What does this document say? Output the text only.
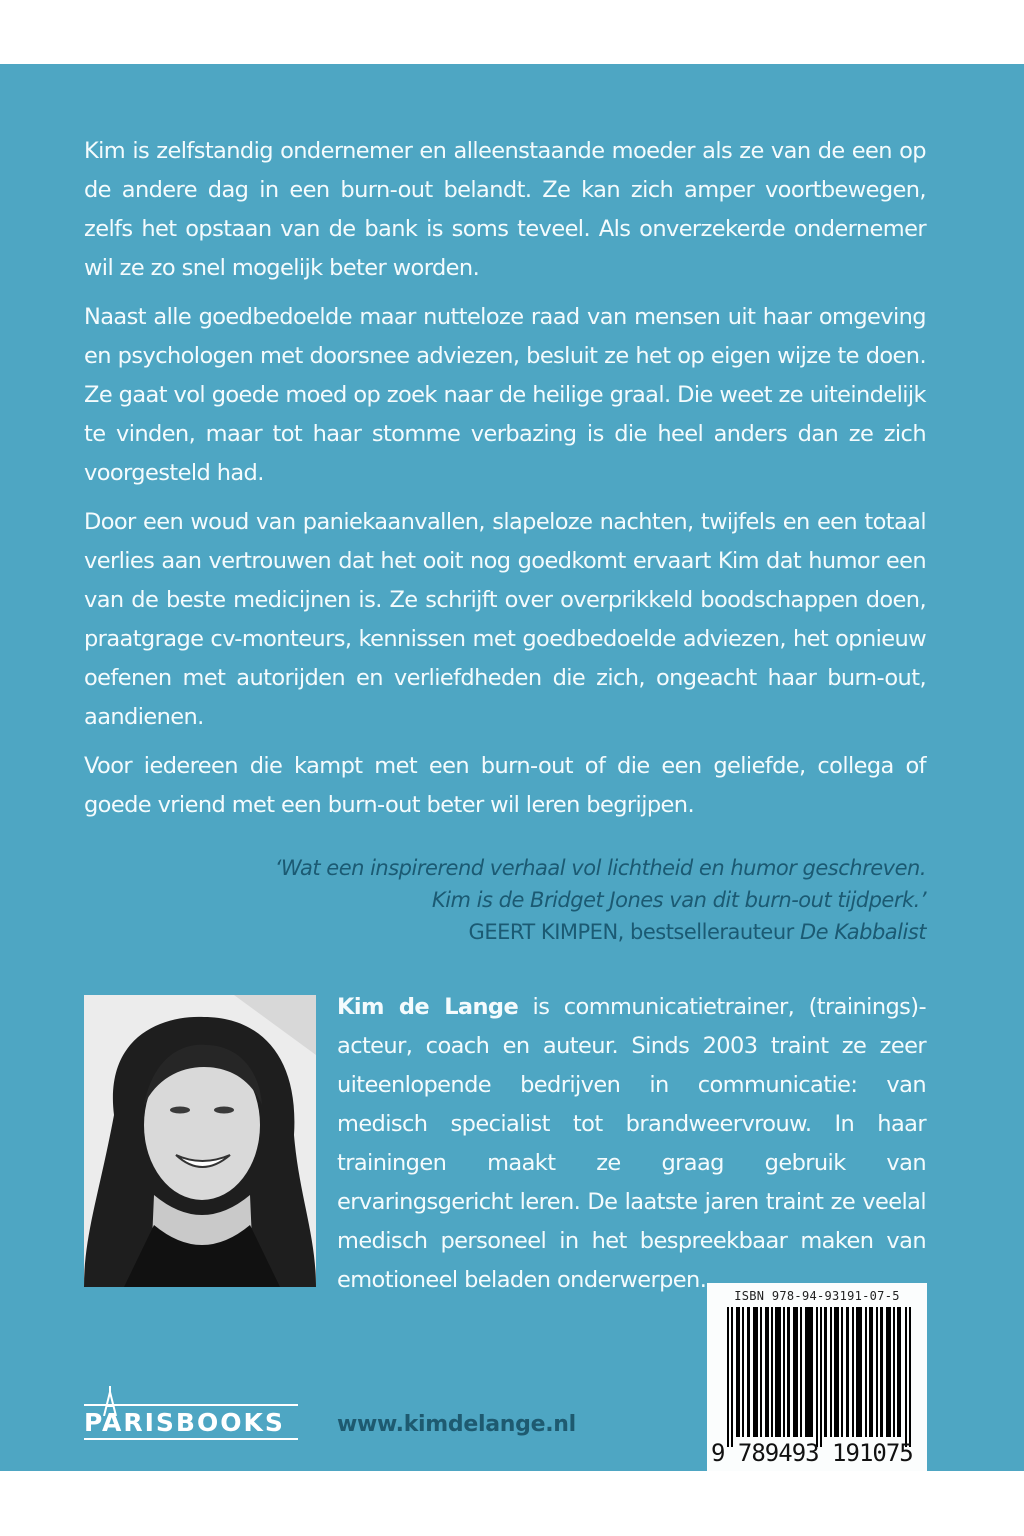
Kim is zelfstandig ondernemer en alleenstaande moeder als ze van de een op de andere dag in een burn-out belandt. Ze kan zich amper voortbewegen, zelfs het opstaan van de bank is soms teveel. Als onverzekerde ondernemer wil ze zo snel mogelijk beter worden.

Naast alle goedbedoelde maar nutteloze raad van mensen uit haar omgeving en psychologen met doorsnee adviezen, besluit ze het op eigen wijze te doen. Ze gaat vol goede moed op zoek naar de heilige graal. Die weet ze uiteindelijk te vinden, maar tot haar stomme verbazing is die heel anders dan ze zich voorgesteld had.

Door een woud van paniekaanvallen, slapeloze nachten, twijfels en een totaal verlies aan vertrouwen dat het ooit nog goedkomt ervaart Kim dat humor een van de beste medicijnen is. Ze schrijft over overprikkeld boodschappen doen, praatgrage cv-monteurs, kennissen met goedbedoelde adviezen, het opnieuw oefenen met autorijden en verliefdheden die zich, ongeacht haar burn-out, aandienen.

Voor iedereen die kampt met een burn-out of die een geliefde, collega of goede vriend met een burn-out beter wil leren begrijpen.

‘Wat een inspirerend verhaal vol lichtheid en humor geschreven.
Kim is de Bridget Jones van dit burn-out tijdperk.’
GEERT KIMPEN, bestsellerauteur De Kabbalist
Kim de Lange is communicatietrainer, (trainings)-acteur, coach en auteur. Sinds 2003 traint ze zeer uiteenlopende bedrijven in communicatie: van medisch specialist tot brandweervrouw. In haar trainingen maakt ze graag gebruik van ervaringsgericht leren. De laatste jaren traint ze veelal medisch personeel in het bespreekbaar maken van emotioneel beladen onderwerpen.
PARISBOOKS www.kimdelange.nl
ISBN 978-94-93191-07-5
9 789493 191075
